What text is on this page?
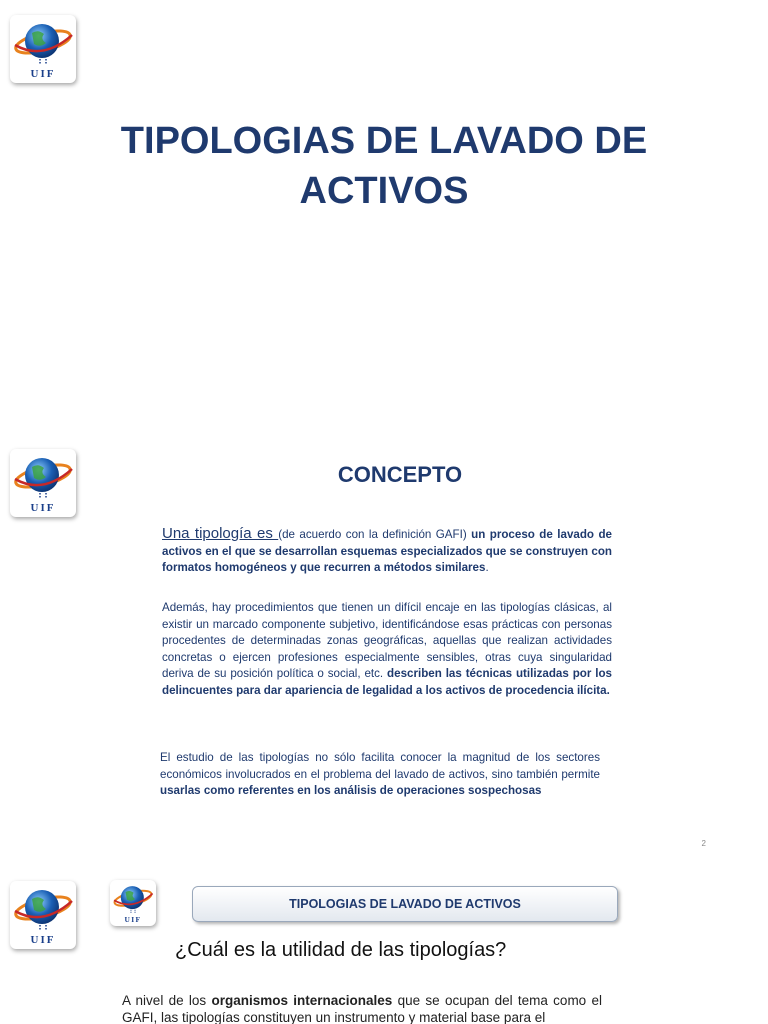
UIF
TIPOLOGIAS DE LAVADO DE ACTIVOS
UIF
CONCEPTO

Una tipología es (de acuerdo con la definición GAFI) un proceso de lavado de activos en el que se desarrollan esquemas especializados que se construyen con formatos homogéneos y que recurren a métodos similares.

Además, hay procedimientos que tienen un difícil encaje en las tipologías clásicas, al existir un marcado componente subjetivo, identificándose esas prácticas con personas procedentes de determinadas zonas geográficas, aquellas que realizan actividades concretas o ejercen profesiones especialmente sensibles, otras cuya singularidad deriva de su posición política o social, etc. describen las técnicas utilizadas por los delincuentes para dar apariencia de legalidad a los activos de procedencia ilícita.

El estudio de las tipologías no sólo facilita conocer la magnitud de los sectores económicos involucrados en el problema del lavado de activos, sino también permite usarlas como referentes en los análisis de operaciones sospechosas

2
UIF
UIF
TIPOLOGIAS DE LAVADO DE ACTIVOS
¿Cuál es la utilidad de las tipologías?

A nivel de los organismos internacionales que se ocupan del tema como el GAFI, las tipologías constituyen un instrumento y material base para el
